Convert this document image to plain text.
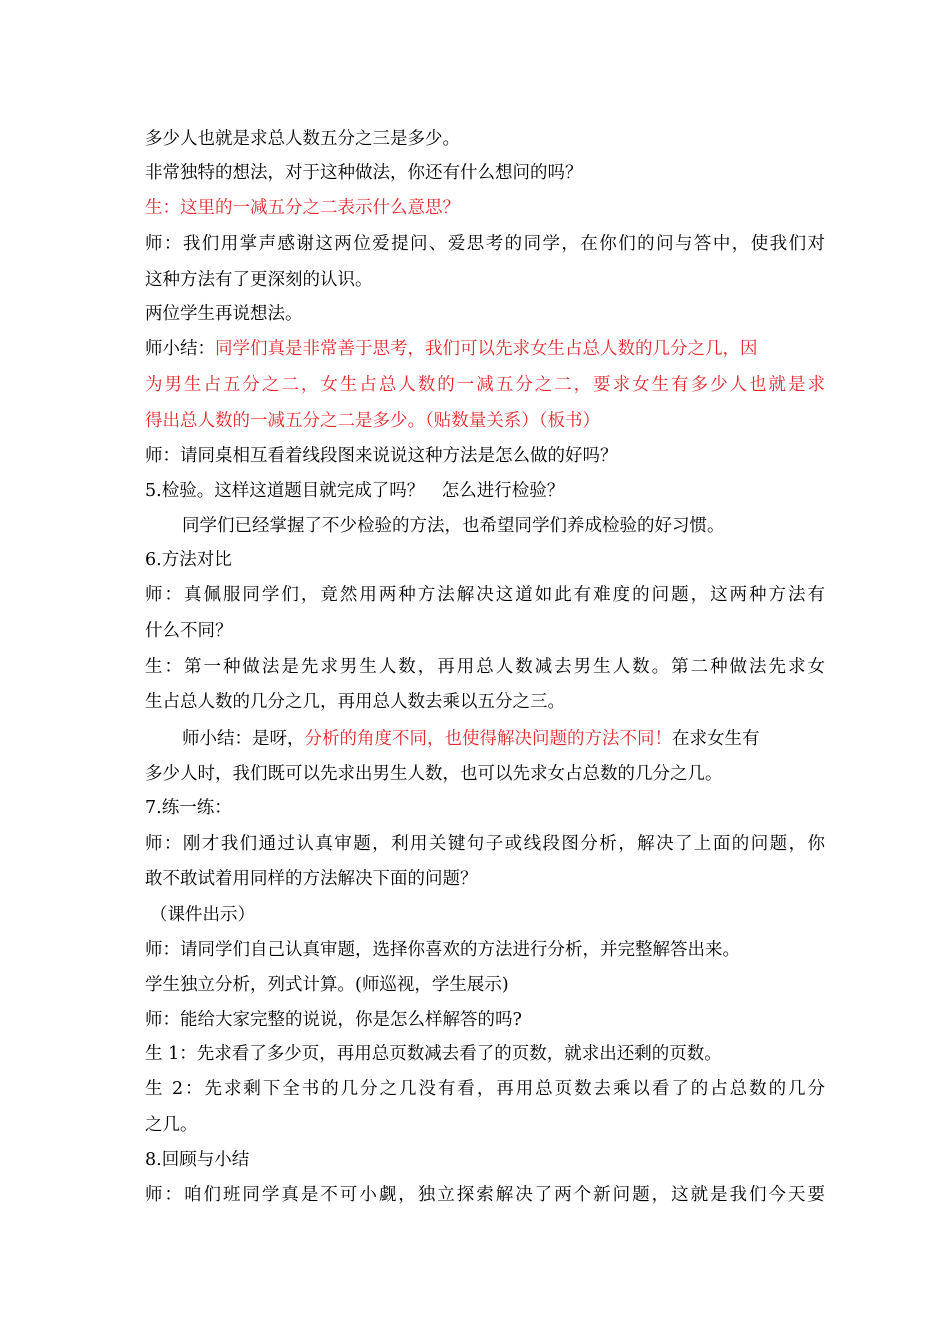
多少人也就是求总人数五分之三是多少。
非常独特的想法，对于这种做法，你还有什么想问的吗？
生：这里的一减五分之二表示什么意思？
师：我们用掌声感谢这两位爱提问、爱思考的同学，在你们的问与答中，使我们对
这种方法有了更深刻的认识。
两位学生再说想法。
师小结：同学们真是非常善于思考，我们可以先求女生占总人数的几分之几，因
为男生占五分之二，女生占总人数的一减五分之二，要求女生有多少人也就是求
得出总人数的一减五分之二是多少。（贴数量关系）（板书）
师：请同桌相互看着线段图来说说这种方法是怎么做的好吗？
5.检验。这样这道题目就完成了吗？　怎么进行检验？
同学们已经掌握了不少检验的方法，也希望同学们养成检验的好习惯。
6.方法对比
师：真佩服同学们，竟然用两种方法解决这道如此有难度的问题，这两种方法有
什么不同？
生：第一种做法是先求男生人数，再用总人数减去男生人数。第二种做法先求女
生占总人数的几分之几，再用总人数去乘以五分之三。
师小结：是呀，分析的角度不同，也使得解决问题的方法不同！在求女生有
多少人时，我们既可以先求出男生人数，也可以先求女占总数的几分之几。
7.练一练：
师：刚才我们通过认真审题，利用关键句子或线段图分析，解决了上面的问题，你
敢不敢试着用同样的方法解决下面的问题？
（课件出示）
师：请同学们自己认真审题，选择你喜欢的方法进行分析，并完整解答出来。
学生独立分析，列式计算。(师巡视，学生展示)
师：能给大家完整的说说，你是怎么样解答的吗?
生 1：先求看了多少页，再用总页数减去看了的页数，就求出还剩的页数。
生 2：先求剩下全书的几分之几没有看，再用总页数去乘以看了的占总数的几分
之几。
8.回顾与小结
师：咱们班同学真是不可小觑，独立探索解决了两个新问题，这就是我们今天要
